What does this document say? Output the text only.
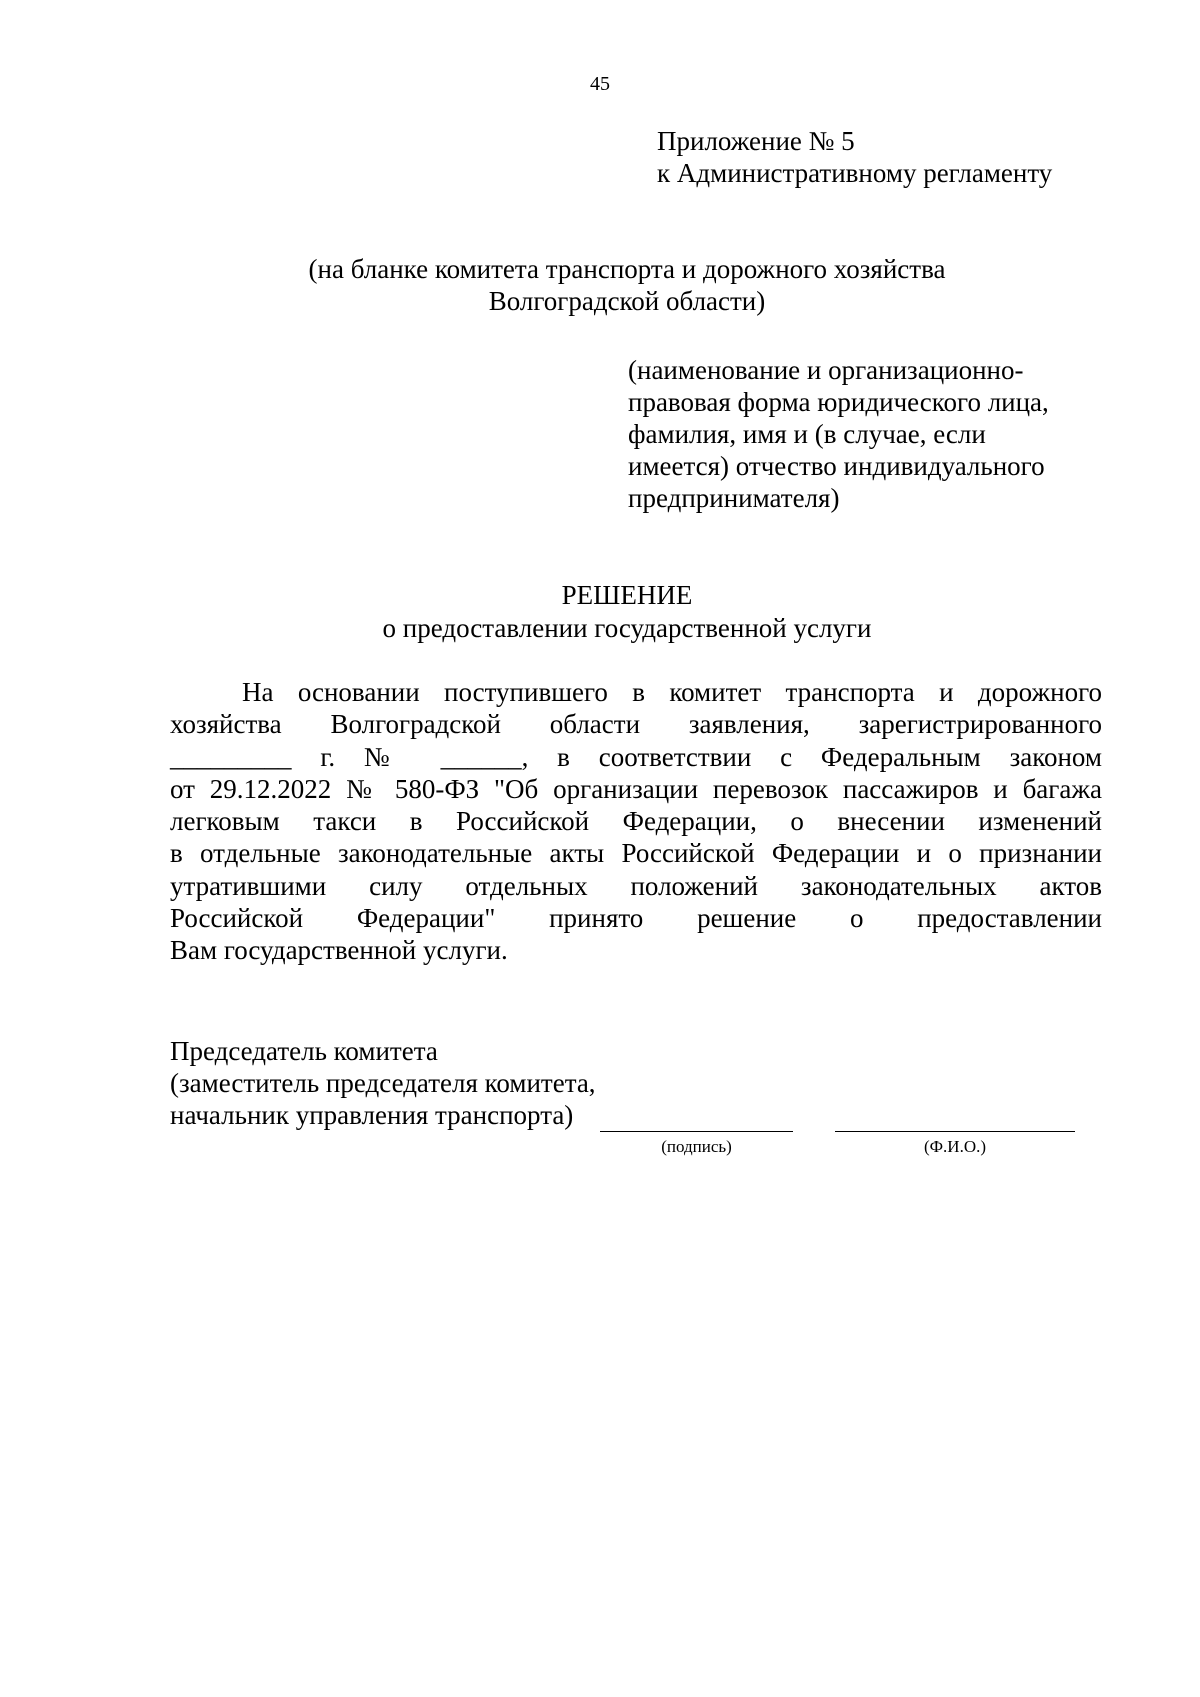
45
Приложение № 5
к Административному регламенту
(на бланке комитета транспорта и дорожного хозяйства
Волгоградской области)
(наименование и организационно-
правовая форма юридического лица,
фамилия, имя и (в случае, если
имеется) отчество индивидуального
предпринимателя)
РЕШЕНИЕ
о предоставлении государственной услуги
На основании поступившего в комитет транспорта и дорожного
хозяйства Волгоградской области заявления, зарегистрированного
_________ г. № ______, в соответствии с Федеральным законом
от 29.12.2022 № 580-ФЗ "Об организации перевозок пассажиров и багажа
легковым такси в Российской Федерации, о внесении изменений
в отдельные законодательные акты Российской Федерации и о признании
утратившими силу отдельных положений законодательных актов
Российской Федерации" принято решение о предоставлении
Вам государственной услуги.
Председатель комитета
(заместитель председателя комитета,
начальник управления транспорта)
(подпись)	(Ф.И.О.)
